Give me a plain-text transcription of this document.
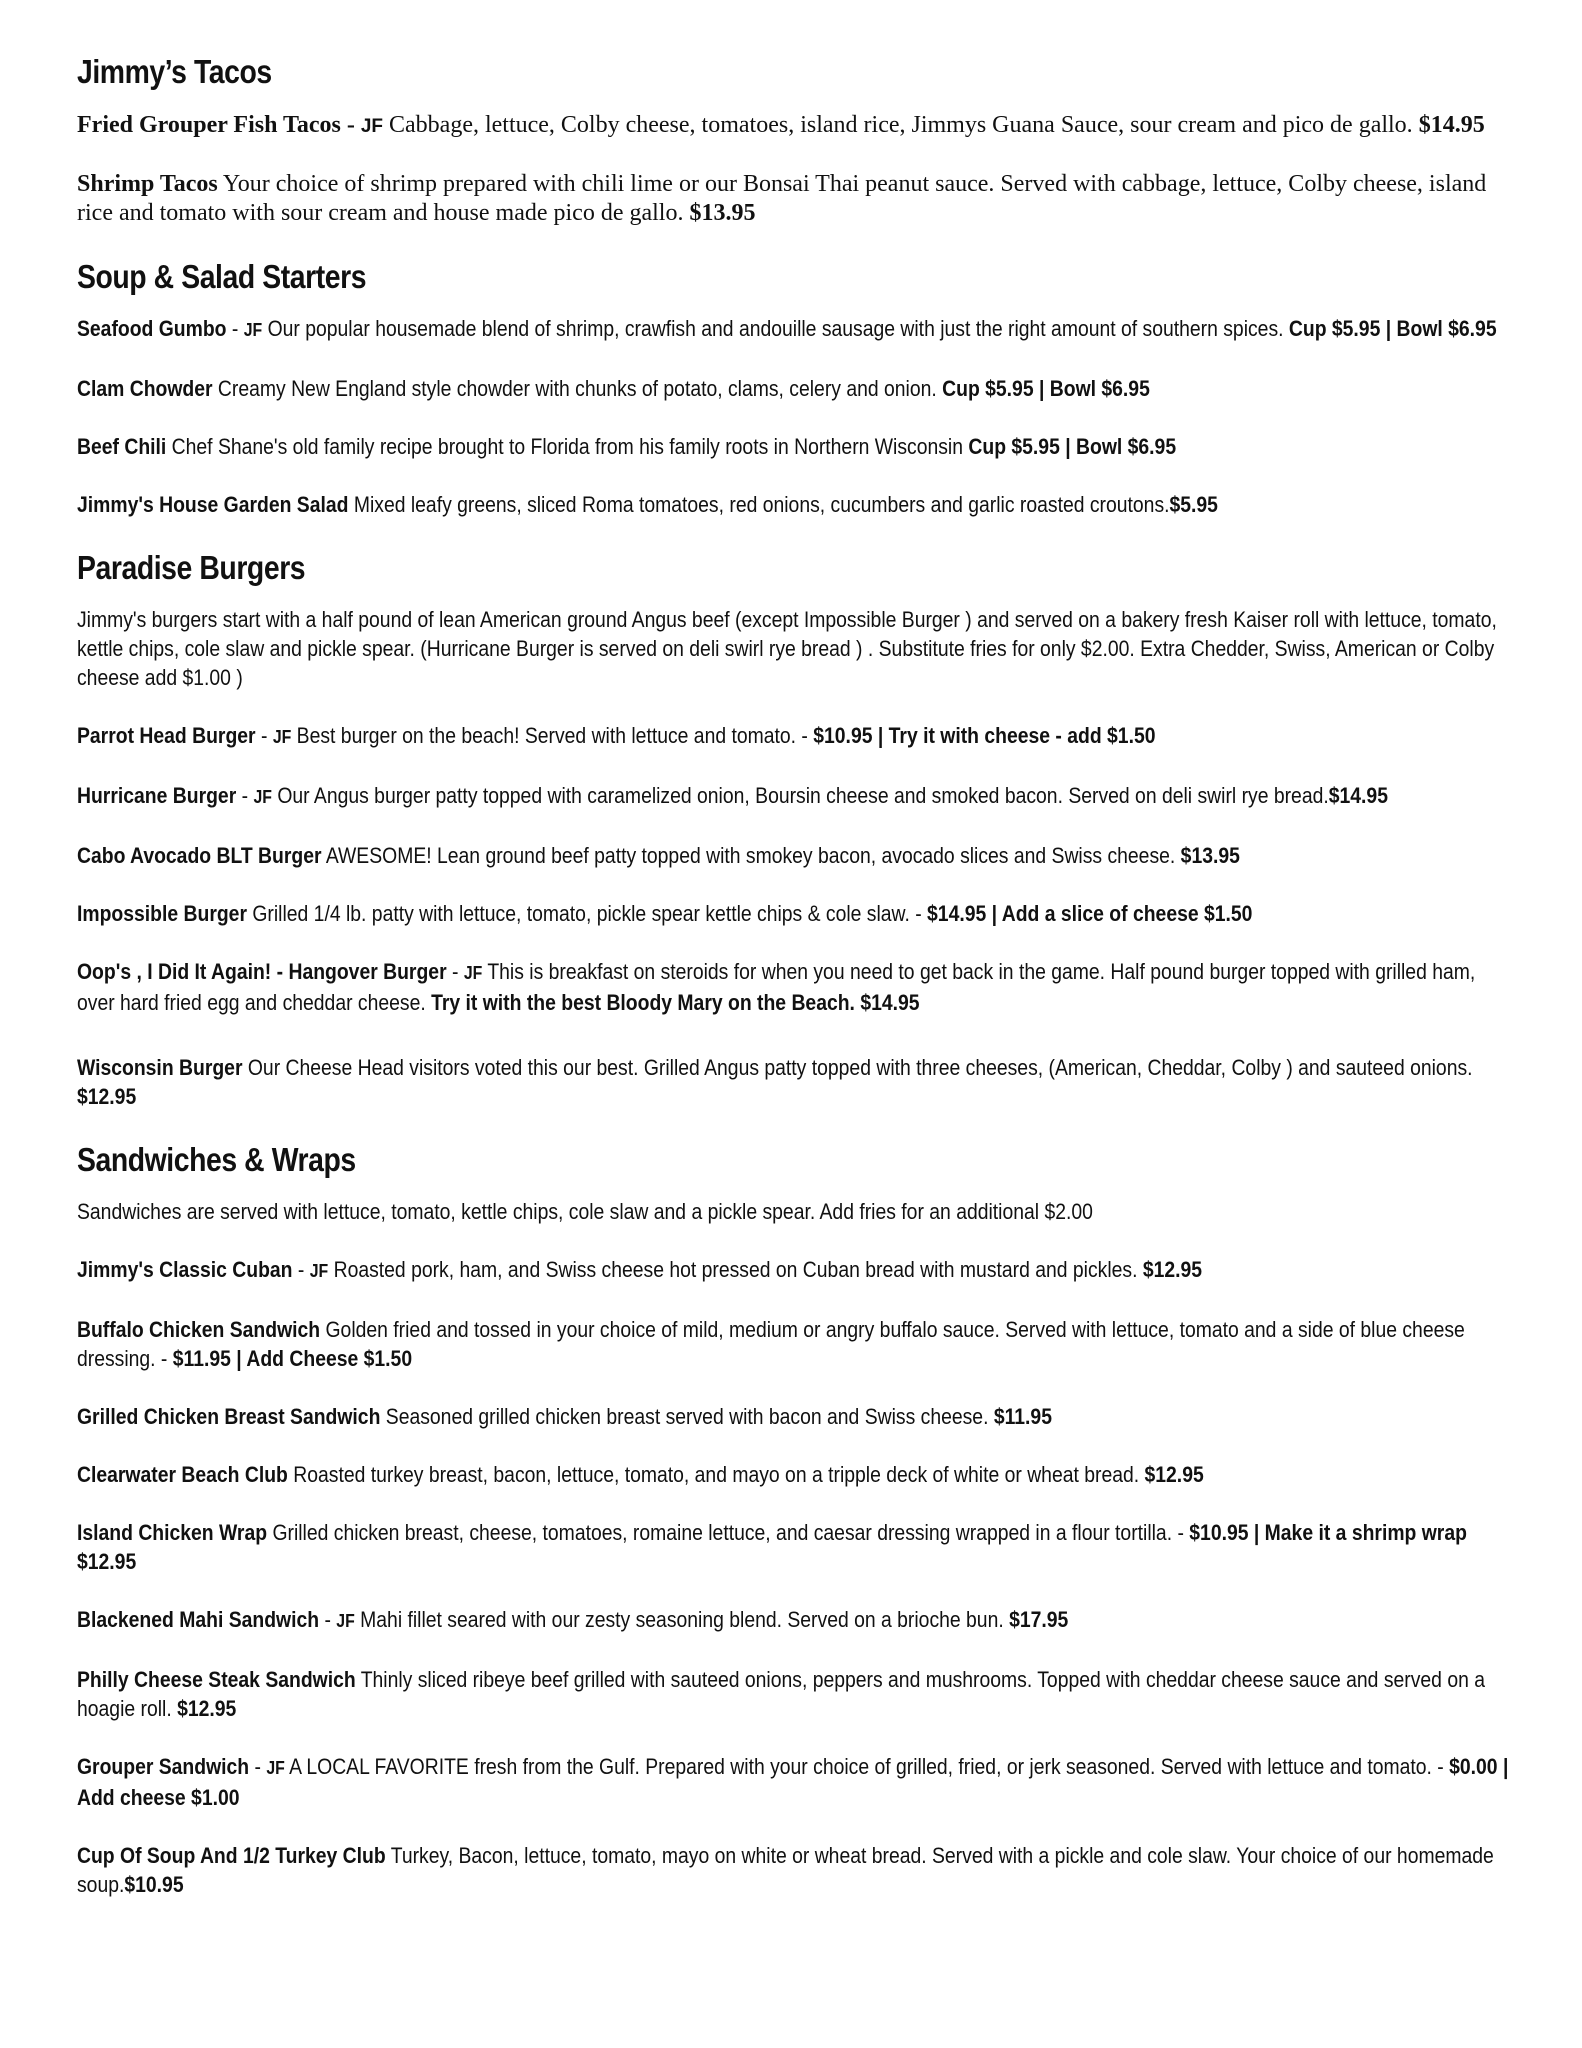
Jimmy’s Tacos
Fried Grouper Fish Tacos - JF Cabbage, lettuce, Colby cheese, tomatoes, island rice, Jimmys Guana Sauce, sour cream and pico de gallo. $14.95
Shrimp Tacos Your choice of shrimp prepared with chili lime or our Bonsai Thai peanut sauce. Served with cabbage, lettuce, Colby cheese, island rice and tomato with sour cream and house made pico de gallo. $13.95
Soup & Salad Starters
Seafood Gumbo - JF Our popular housemade blend of shrimp, crawfish and andouille sausage with just the right amount of southern spices. Cup $5.95 | Bowl $6.95
Clam Chowder Creamy New England style chowder with chunks of potato, clams, celery and onion. Cup $5.95 | Bowl $6.95
Beef Chili Chef Shane's old family recipe brought to Florida from his family roots in Northern Wisconsin Cup $5.95 | Bowl $6.95
Jimmy's House Garden Salad Mixed leafy greens, sliced Roma tomatoes, red onions, cucumbers and garlic roasted croutons.$5.95
Paradise Burgers
Jimmy's burgers start with a half pound of lean American ground Angus beef (except Impossible Burger ) and served on a bakery fresh Kaiser roll with lettuce, tomato, kettle chips, cole slaw and pickle spear. (Hurricane Burger is served on deli swirl rye bread ) . Substitute fries for only $2.00. Extra Chedder, Swiss, American or Colby cheese add $1.00 )
Parrot Head Burger - JF Best burger on the beach! Served with lettuce and tomato. - $10.95 | Try it with cheese - add $1.50
Hurricane Burger - JF Our Angus burger patty topped with caramelized onion, Boursin cheese and smoked bacon. Served on deli swirl rye bread.$14.95
Cabo Avocado BLT Burger AWESOME! Lean ground beef patty topped with smokey bacon, avocado slices and Swiss cheese. $13.95
Impossible Burger Grilled 1/4 lb. patty with lettuce, tomato, pickle spear kettle chips & cole slaw. - $14.95 | Add a slice of cheese $1.50
Oop's , I Did It Again! - Hangover Burger - JF This is breakfast on steroids for when you need to get back in the game. Half pound burger topped with grilled ham, over hard fried egg and cheddar cheese. Try it with the best Bloody Mary on the Beach. $14.95
Wisconsin Burger Our Cheese Head visitors voted this our best. Grilled Angus patty topped with three cheeses, (American, Cheddar, Colby ) and sauteed onions. $12.95
Sandwiches & Wraps
Sandwiches are served with lettuce, tomato, kettle chips, cole slaw and a pickle spear. Add fries for an additional $2.00
Jimmy's Classic Cuban - JF Roasted pork, ham, and Swiss cheese hot pressed on Cuban bread with mustard and pickles. $12.95
Buffalo Chicken Sandwich Golden fried and tossed in your choice of mild, medium or angry buffalo sauce. Served with lettuce, tomato and a side of blue cheese dressing. - $11.95 | Add Cheese $1.50
Grilled Chicken Breast Sandwich Seasoned grilled chicken breast served with bacon and Swiss cheese. $11.95
Clearwater Beach Club Roasted turkey breast, bacon, lettuce, tomato, and mayo on a tripple deck of white or wheat bread. $12.95
Island Chicken Wrap Grilled chicken breast, cheese, tomatoes, romaine lettuce, and caesar dressing wrapped in a flour tortilla. - $10.95 | Make it a shrimp wrap $12.95
Blackened Mahi Sandwich - JF Mahi fillet seared with our zesty seasoning blend. Served on a brioche bun. $17.95
Philly Cheese Steak Sandwich Thinly sliced ribeye beef grilled with sauteed onions, peppers and mushrooms. Topped with cheddar cheese sauce and served on a hoagie roll. $12.95
Grouper Sandwich - JF A LOCAL FAVORITE fresh from the Gulf. Prepared with your choice of grilled, fried, or jerk seasoned. Served with lettuce and tomato. - $0.00 | Add cheese $1.00
Cup Of Soup And 1/2 Turkey Club Turkey, Bacon, lettuce, tomato, mayo on white or wheat bread. Served with a pickle and cole slaw. Your choice of our homemade soup.$10.95
